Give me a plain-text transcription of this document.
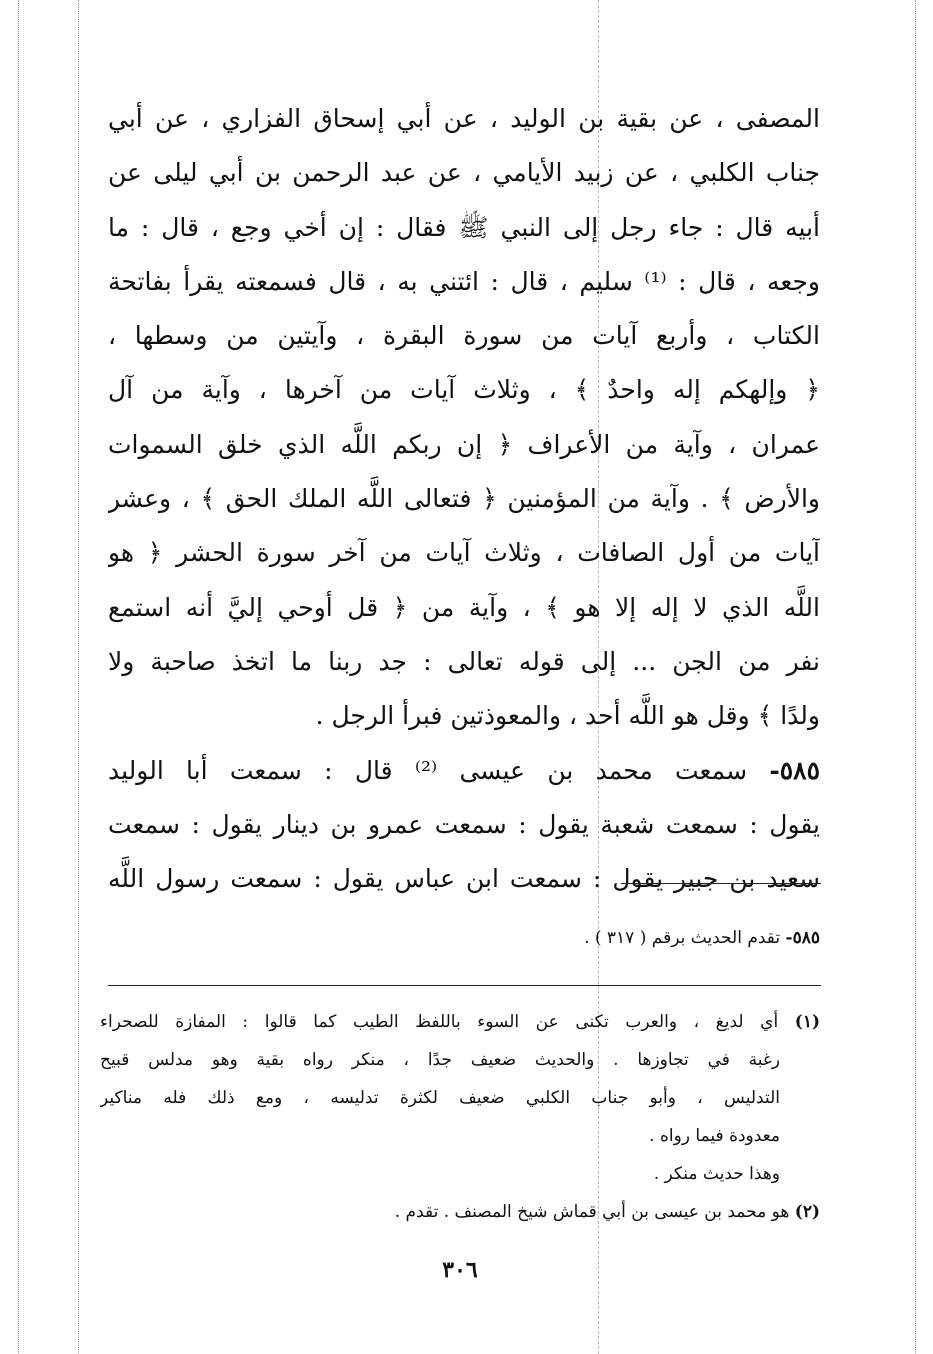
المصفى ، عن بقية بن الوليد ، عن أبي إسحاق الفزاري ، عن أبي
جناب الكلبي ، عن زبيد الأيامي ، عن عبد الرحمن بن أبي ليلى عن
أبيه قال : جاء رجل إلى النبي ﷺ فقال : إن أخي وجع ، قال : ما
وجعه ، قال : ⁽¹⁾ سليم ، قال : ائتني به ، قال فسمعته يقرأ بفاتحة
الكتاب ، وأربع آيات من سورة البقرة ، وآيتين من وسطها ،
﴿ وإلهكم إله واحدٌ ﴾ ، وثلاث آيات من آخرها ، وآية من آل
عمران ، وآية من الأعراف ﴿ إن ربكم اللَّه الذي خلق السموات
والأرض ﴾ . وآية من المؤمنين ﴿ فتعالى اللَّه الملك الحق ﴾ ، وعشر
آيات من أول الصافات ، وثلاث آيات من آخر سورة الحشر ﴿ هو
اللَّه الذي لا إله إلا هو ﴾ ، وآية من ﴿ قل أوحي إليَّ أنه استمع
نفر من الجن ... إلى قوله تعالى : جد ربنا ما اتخذ صاحبة ولا
ولدًا ﴾ وقل هو اللَّه أحد ، والمعوذتين فبرأ الرجل .
٥٨٥- سمعت محمد بن عيسى ⁽²⁾ قال : سمعت أبا الوليد
يقول : سمعت شعبة يقول : سمعت عمرو بن دينار يقول : سمعت
سعيد بن جبير يقول : سمعت ابن عباس يقول : سمعت رسول اللَّه
٥٨٥- تقدم الحديث برقم ( ٣١٧ ) .
(١) أي لديغ ، والعرب تكنى عن السوء باللفظ الطيب كما قالوا : المفازة للصحراء
رغبة في تجاوزها . والحديث ضعيف جدًا ، منكر رواه بقية وهو مدلس قبيح
التدليس ، وأبو جناب الكلبي ضعيف لكثرة تدليسه ، ومع ذلك فله مناكير
معدودة فيما رواه .
وهذا حديث منكر .
(٢) هو محمد بن عيسى بن أبي قماش شيخ المصنف . تقدم .
٣٠٦
